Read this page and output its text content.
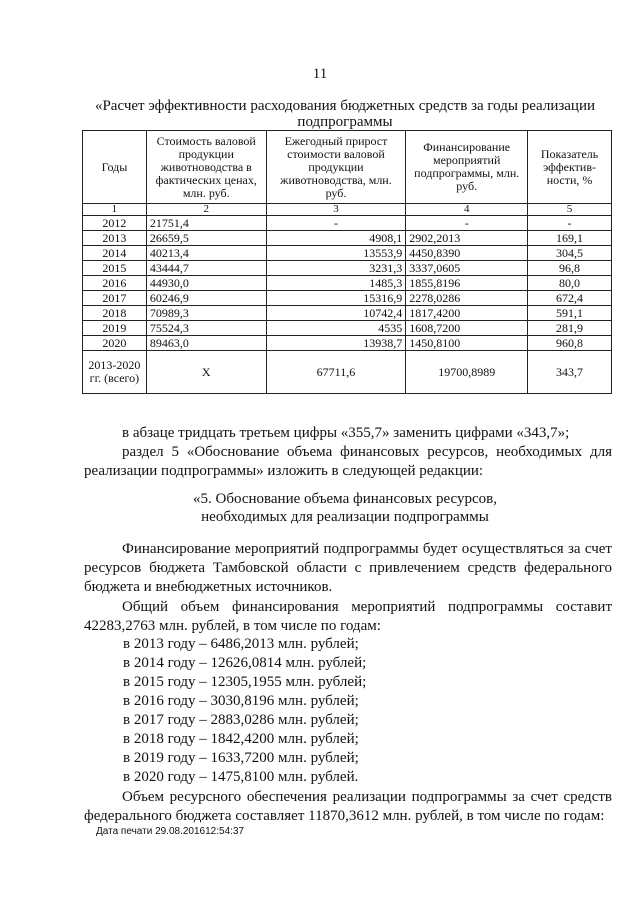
11
«Расчет эффективности расходования бюджетных средств за годы реализации подпрограммы
Годы	Стоимость валовой продукции животноводства в фактических ценах, млн. руб.	Ежегодный прирост стоимости валовой продукции животноводства, млн. руб.	Финансирование мероприятий подпрограммы, млн. руб.	Показатель эффектив-ности, %
1	2	3	4	5
2012	21751,4	-	-	-
2013	26659,5	4908,1	2902,2013	169,1
2014	40213,4	13553,9	4450,8390	304,5
2015	43444,7	3231,3	3337,0605	96,8
2016	44930,0	1485,3	1855,8196	80,0
2017	60246,9	15316,9	2278,0286	672,4
2018	70989,3	10742,4	1817,4200	591,1
2019	75524,3	4535	1608,7200	281,9
2020	89463,0	13938,7	1450,8100	960,8
2013-2020 гг. (всего)	X	67711,6	19700,8989	343,7
в абзаце тридцать третьем цифры «355,7» заменить цифрами «343,7»;
раздел 5 «Обоснование объема финансовых ресурсов, необходимых для реализации подпрограммы» изложить в следующей редакции:
«5. Обоснование объема финансовых ресурсов,
необходимых для реализации подпрограммы
Финансирование мероприятий подпрограммы будет осуществляться за счет ресурсов бюджета Тамбовской области с привлечением средств федерального бюджета и внебюджетных источников.
Общий объем финансирования мероприятий подпрограммы составит 42283,2763 млн. рублей, в том числе по годам:
в 2013 году – 6486,2013 млн. рублей;
в 2014 году – 12626,0814 млн. рублей;
в 2015 году – 12305,1955 млн. рублей;
в 2016 году – 3030,8196 млн. рублей;
в 2017 году – 2883,0286 млн. рублей;
в 2018 году – 1842,4200 млн. рублей;
в 2019 году – 1633,7200 млн. рублей;
в 2020 году – 1475,8100 млн. рублей.
Объем ресурсного обеспечения реализации подпрограммы за счет средств федерального бюджета составляет 11870,3612 млн. рублей, в том числе по годам:
Дата печати 29.08.201612:54:37
